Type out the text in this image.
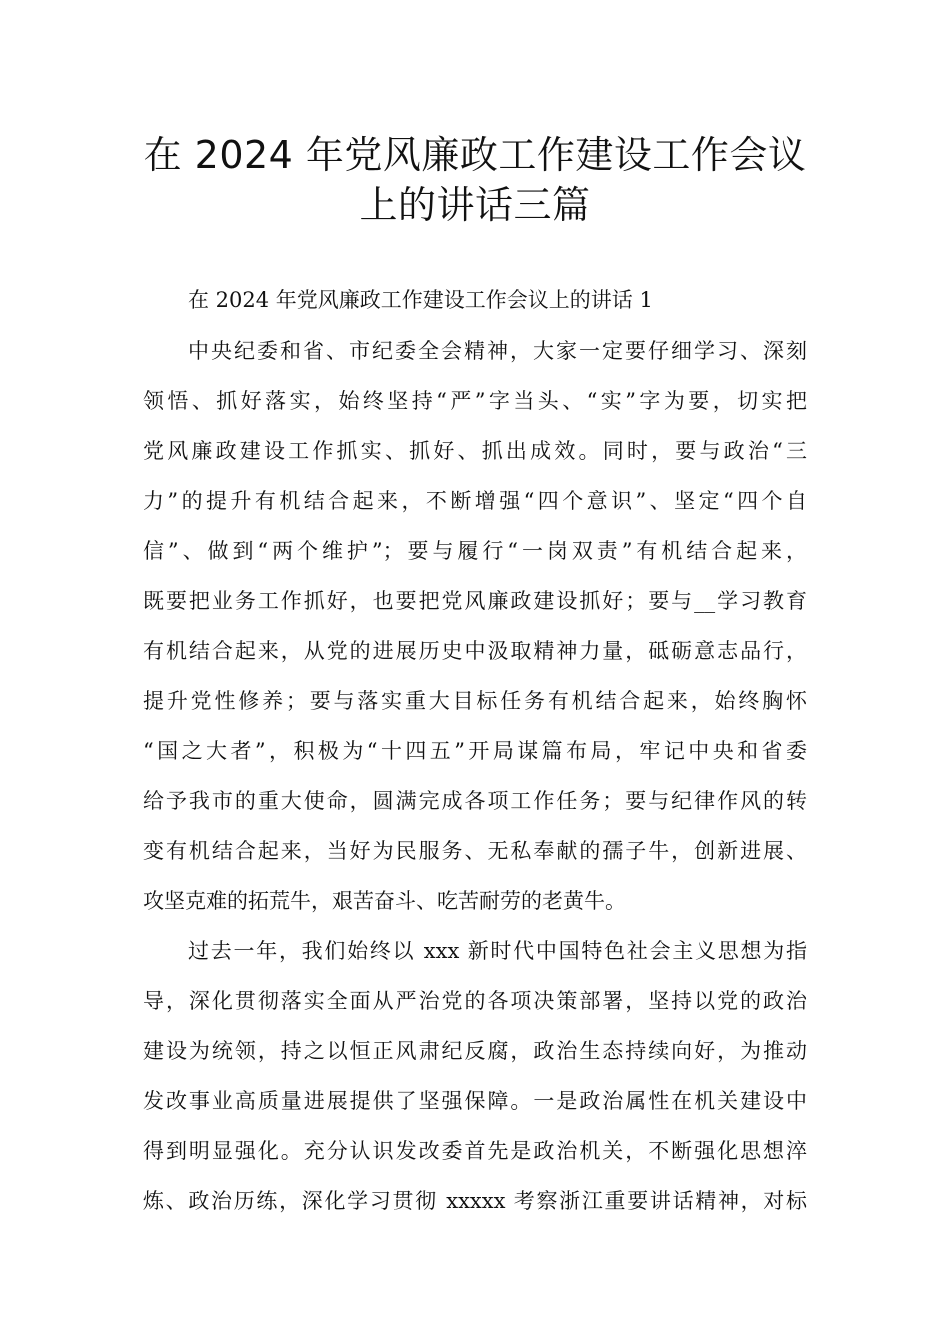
在 2024 年党风廉政工作建设工作会议
上的讲话三篇

在 2024 年党风廉政工作建设工作会议上的讲话 1

中央纪委和省、市纪委全会精神，大家一定要仔细学习、深刻

领悟、抓好落实，始终坚持“严”字当头、“实”字为要，切实把

党风廉政建设工作抓实、抓好、抓出成效。同时，要与政治“三

力”的提升有机结合起来，不断增强“四个意识”、坚定“四个自

信”、做到“两个维护”；要与履行“一岗双责”有机结合起来，

既要把业务工作抓好，也要把党风廉政建设抓好；要与__学习教育

有机结合起来，从党的进展历史中汲取精神力量，砥砺意志品行，

提升党性修养；要与落实重大目标任务有机结合起来，始终胸怀

“国之大者”，积极为“十四五”开局谋篇布局，牢记中央和省委

给予我市的重大使命，圆满完成各项工作任务；要与纪律作风的转

变有机结合起来，当好为民服务、无私奉献的孺子牛，创新进展、

攻坚克难的拓荒牛，艰苦奋斗、吃苦耐劳的老黄牛。

过去一年，我们始终以 xxx 新时代中国特色社会主义思想为指

导，深化贯彻落实全面从严治党的各项决策部署，坚持以党的政治

建设为统领，持之以恒正风肃纪反腐，政治生态持续向好，为推动

发改事业高质量进展提供了坚强保障。一是政治属性在机关建设中

得到明显强化。充分认识发改委首先是政治机关，不断强化思想淬

炼、政治历练，深化学习贯彻 xxxxx 考察浙江重要讲话精神，对标
